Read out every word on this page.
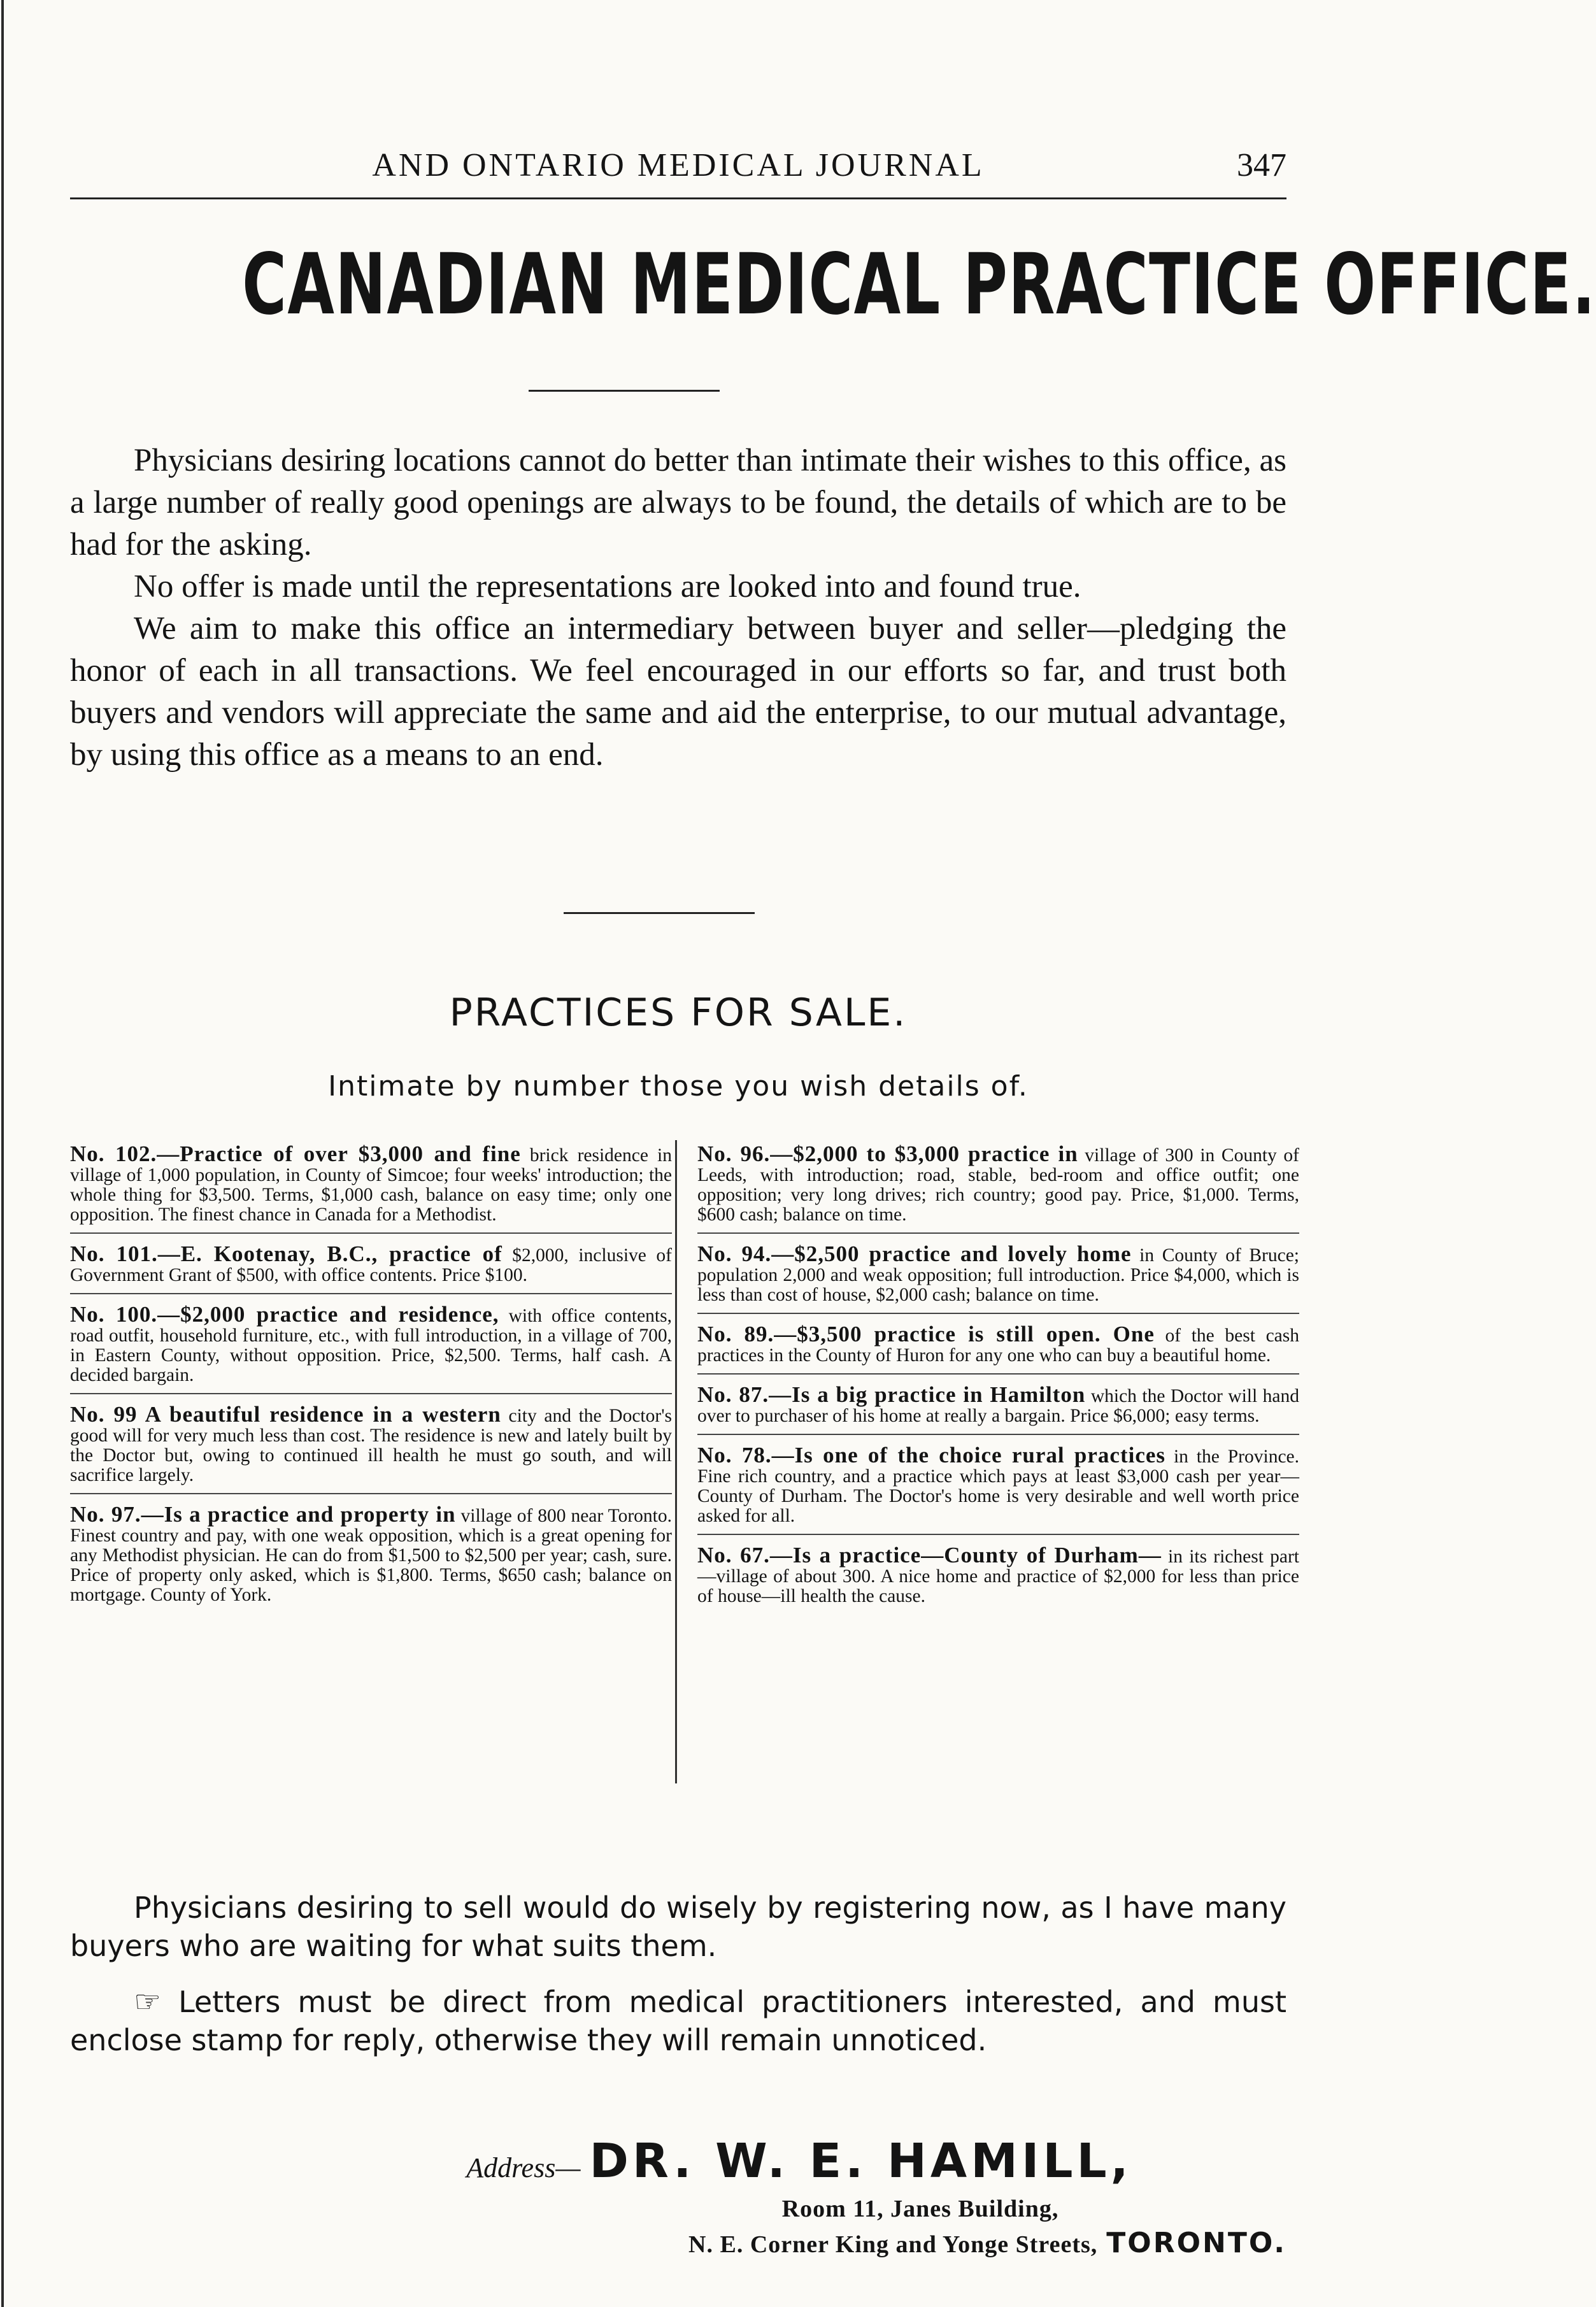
AND ONTARIO MEDICAL JOURNAL	347
CANADIAN MEDICAL PRACTICE OFFICE.

Physicians desiring locations cannot do better than intimate their wishes to this office, as a large number of really good openings are always to be found, the details of which are to be had for the asking.

No offer is made until the representations are looked into and found true.

We aim to make this office an intermediary between buyer and seller—pledging the honor of each in all transactions. We feel encouraged in our efforts so far, and trust both buyers and vendors will appreciate the same and aid the enterprise, to our mutual advantage, by using this office as a means to an end.

PRACTICES FOR SALE.
Intimate by number those you wish details of.
No. 102.—Practice of over $3,000 and fine brick residence in village of 1,000 population, in County of Simcoe; four weeks' introduction; the whole thing for $3,500. Terms, $1,000 cash, balance on easy time; only one opposition. The finest chance in Canada for a Methodist.
No. 101.—E. Kootenay, B.C., practice of $2,000, inclusive of Government Grant of $500, with office contents. Price $100.
No. 100.—$2,000 practice and residence, with office contents, road outfit, household furniture, etc., with full introduction, in a village of 700, in Eastern County, without opposition. Price, $2,500. Terms, half cash. A decided bargain.
No. 99 A beautiful residence in a western city and the Doctor's good will for very much less than cost. The residence is new and lately built by the Doctor but, owing to continued ill health he must go south, and will sacrifice largely.
No. 97.—Is a practice and property in village of 800 near Toronto. Finest country and pay, with one weak opposition, which is a great opening for any Methodist physician. He can do from $1,500 to $2,500 per year; cash, sure. Price of property only asked, which is $1,800. Terms, $650 cash; balance on mortgage. County of York.
No. 96.—$2,000 to $3,000 practice in village of 300 in County of Leeds, with introduction; road, stable, bed-room and office outfit; one opposition; very long drives; rich country; good pay. Price, $1,000. Terms, $600 cash; balance on time.
No. 94.—$2,500 practice and lovely home in County of Bruce; population 2,000 and weak opposition; full introduction. Price $4,000, which is less than cost of house, $2,000 cash; balance on time.
No. 89.—$3,500 practice is still open. One of the best cash practices in the County of Huron for any one who can buy a beautiful home.
No. 87.—Is a big practice in Hamilton which the Doctor will hand over to purchaser of his home at really a bargain. Price $6,000; easy terms.
No. 78.—Is one of the choice rural practices in the Province. Fine rich country, and a practice which pays at least $3,000 cash per year—County of Durham. The Doctor's home is very desirable and well worth price asked for all.
No. 67.—Is a practice—County of Durham— in its richest part—village of about 300. A nice home and practice of $2,000 for less than price of house—ill health the cause.

Physicians desiring to sell would do wisely by registering now, as I have many buyers who are waiting for what suits them.

☞ Letters must be direct from medical practitioners interested, and must enclose stamp for reply, otherwise they will remain unnoticed.

Address— DR. W. E. HAMILL,
Room 11, Janes Building,
N. E. Corner King and Yonge Streets, TORONTO.
